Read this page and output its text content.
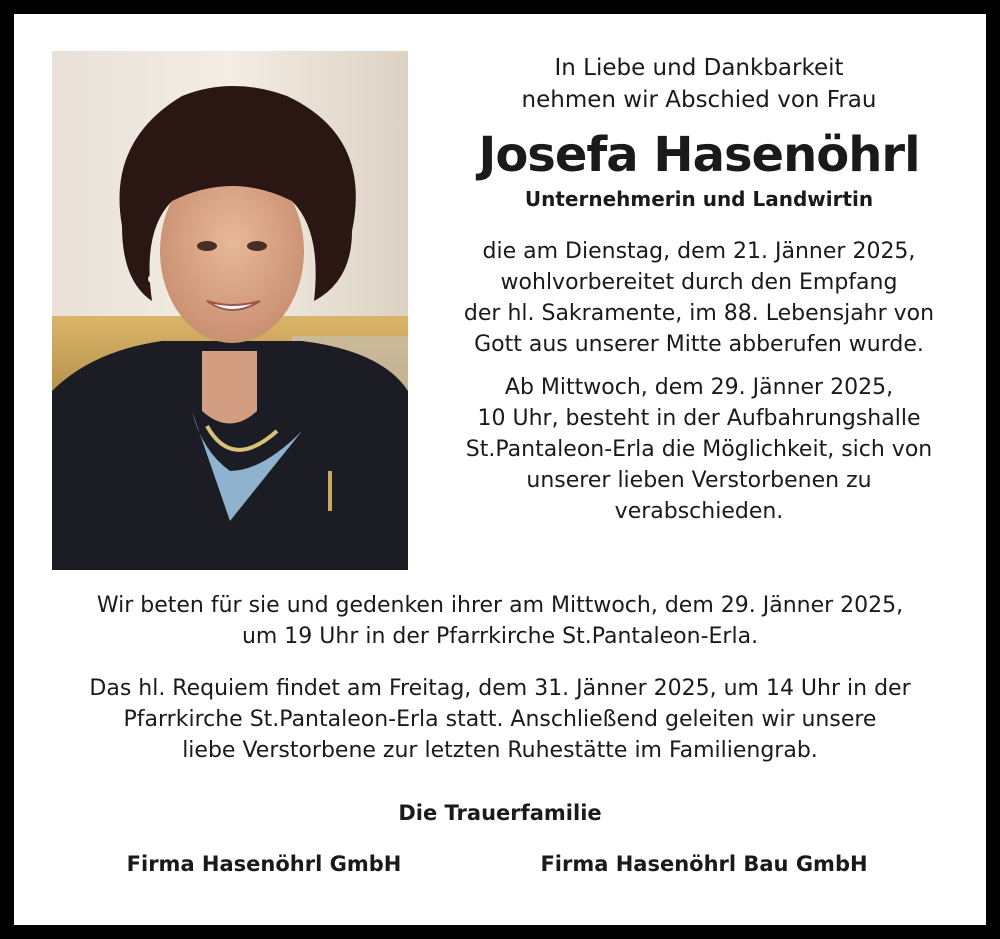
In Liebe und Dankbarkeit
nehmen wir Abschied von Frau
Josefa Hasenöhrl
Unternehmerin und Landwirtin
die am Dienstag, dem 21. Jänner 2025,
wohlvorbereitet durch den Empfang
der hl. Sakramente, im 88. Lebensjahr von
Gott aus unserer Mitte abberufen wurde.
Ab Mittwoch, dem 29. Jänner 2025,
10 Uhr, besteht in der Aufbahrungshalle
St.Pantaleon-Erla die Möglichkeit, sich von
unserer lieben Verstorbenen zu
verabschieden.
Wir beten für sie und gedenken ihrer am Mittwoch, dem 29. Jänner 2025,
um 19 Uhr in der Pfarrkirche St.Pantaleon-Erla.
Das hl. Requiem findet am Freitag, dem 31. Jänner 2025, um 14 Uhr in der
Pfarrkirche St.Pantaleon-Erla statt. Anschließend geleiten wir unsere
liebe Verstorbene zur letzten Ruhestätte im Familiengrab.
Die Trauerfamilie
Firma Hasenöhrl GmbH	Firma Hasenöhrl Bau GmbH
